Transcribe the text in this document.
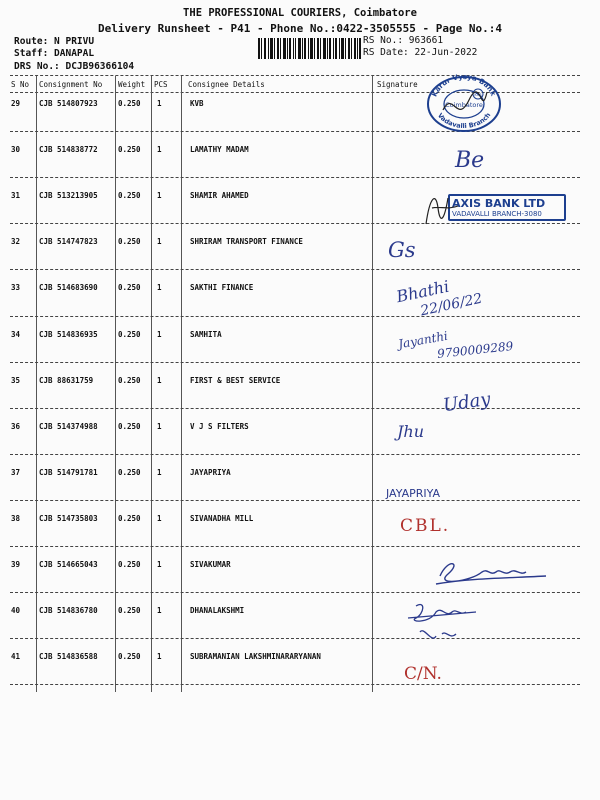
THE PROFESSIONAL COURIERS, Coimbatore
Delivery Runsheet - P41 - Phone No.:0422-3505555 - Page No.:4
Route: N PRIVU
Staff: DANAPAL
DRS No.: DCJB96366104
RS No.: 963661
RS Date: 22-Jun-2022
S No Consignment No Weight PCS	Consignee Details	Signature
29	CJB 514807923	0.250 1	KVB
30	CJB 514838772	0.250 1	LAMATHY MADAM
31	CJB 513213905	0.250 1	SHAMIR AHAMED
32	CJB 514747823	0.250 1	SHRIRAM TRANSPORT FINANCE
33	CJB 514683690	0.250 1	SAKTHI FINANCE
34	CJB 514836935	0.250 1	SAMHITA
35	CJB 88631759	0.250 1	FIRST & BEST SERVICE
36	CJB 514374988	0.250 1	V J S FILTERS
37	CJB 514791781	0.250 1	JAYAPRIYA
38	CJB 514735803	0.250 1	SIVANADHA MILL
39	CJB 514665043	0.250 1	SIVAKUMAR
40	CJB 514836780	0.250 1	DHANALAKSHMI
41	CJB 514836588	0.250 1	SUBRAMANIAN LAKSHMINARARYANAN
Karur Vysya Bank
Vadavalli Branch
KVB
Coimbatore
AXIS BANK LTD
VADAVALLI BRANCH-3080
Be
Gs
Bhathi
22/06/22
Jayanthi
9790009289
Uday
Jhu
JAYAPRIYA
CBL.
C/N.
